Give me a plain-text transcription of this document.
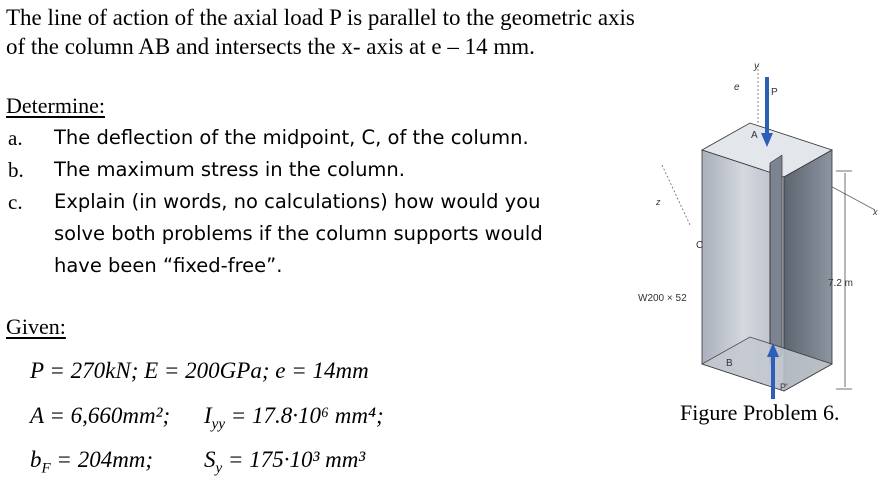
The line of action of the axial load P is parallel to the geometric axis
of the column AB and intersects the x- axis at e – 14 mm.
Determine:
a. The deflection of the midpoint, C, of the column.
b. The maximum stress in the column.
c. Explain (in words, no calculations) how would you
solve both problems if the column supports would
have been “fixed-free”.
Given:
P = 270kN; E = 200GPa; e = 14mm
A = 6,660mm²; $I_{yy} = 17.8\cdot 10^6$ mm⁴;
$b_F = 204mm$; $S_y = 175\cdot 10^3$ mm³
y
e	P
A
z
C
x
W200 × 52
7.2 m
B
P'
Figure Problem 6.
